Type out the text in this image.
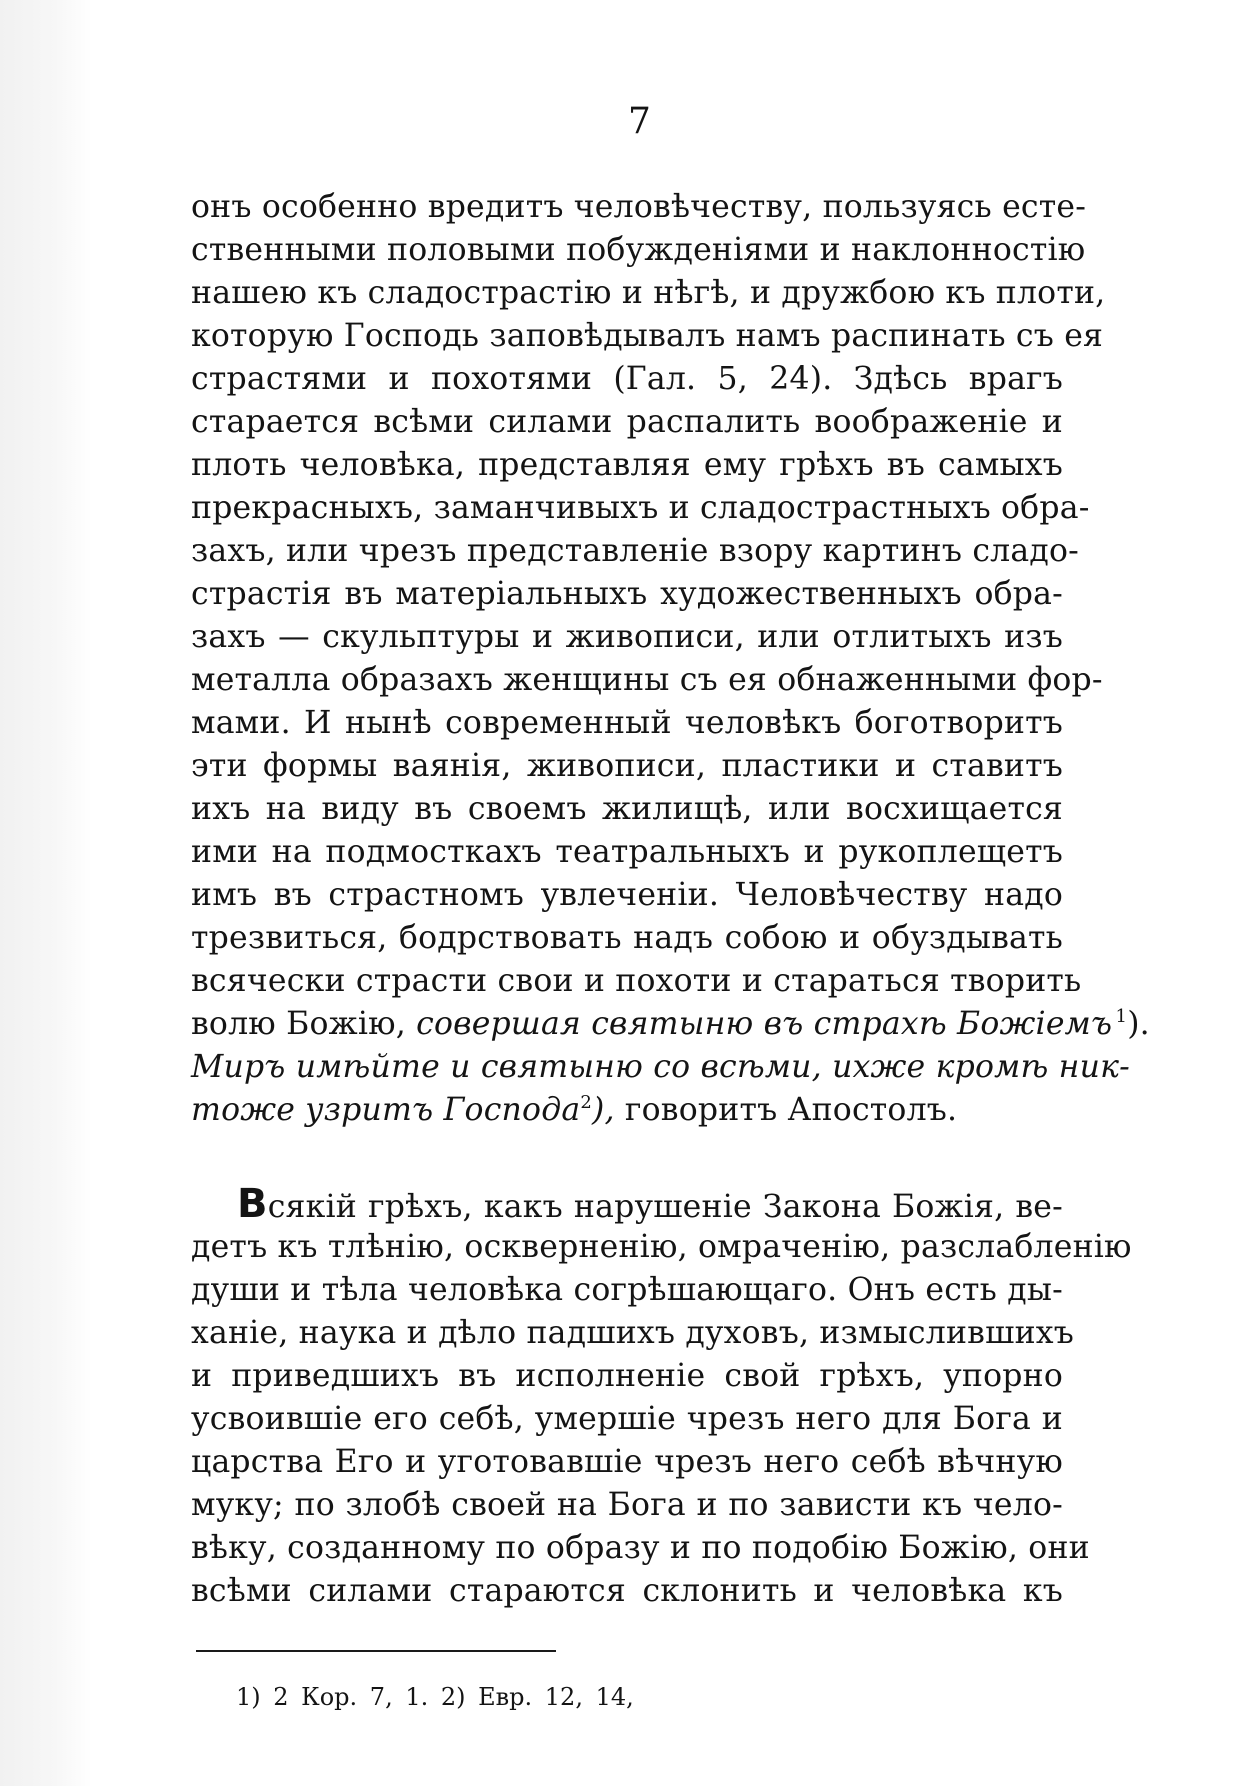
7
онъ особенно вредитъ человѣчеству, пользуясь есте-
ственными половыми побужденіями и наклонностію
нашею къ сладострастію и нѣгѣ, и дружбою къ плоти,
которую Господь заповѣдывалъ намъ распинать съ ея
страстями и похотями (Гал. 5, 24). Здѣсь врагъ
старается всѣми силами распалить воображеніе и
плоть человѣка, представляя ему грѣхъ въ самыхъ
прекрасныхъ, заманчивыхъ и сладострастныхъ обра-
захъ, или чрезъ представленіе взору картинъ сладо-
страстія въ матеріальныхъ художественныхъ обра-
захъ — скульптуры и живописи, или отлитыхъ изъ
металла образахъ женщины съ ея обнаженными фор-
мами. И нынѣ современный человѣкъ боготворитъ
эти формы ваянія, живописи, пластики и ставитъ
ихъ на виду въ своемъ жилищѣ, или восхищается
ими на подмосткахъ театральныхъ и рукоплещетъ
имъ въ страстномъ увлеченіи. Человѣчеству надо
трезвиться, бодрствовать надъ собою и обуздывать
всячески страсти свои и похоти и стараться творить
волю Божію, совершая святыню въ страхѣ Божіемъ  $^1$).
Миръ имѣйте и святыню со всѣми, ихже кромѣ ник-
тоже узритъ Господа$^2$), говоритъ Апостолъ.
Всякій грѣхъ, какъ нарушеніе Закона Божія, ве-
детъ къ тлѣнію, оскверненію, омраченію, разслабленію
души и тѣла человѣка согрѣшающаго. Онъ есть ды-
ханіе, наука и дѣло падшихъ духовъ, измыслившихъ
и приведшихъ въ исполненіе свой грѣхъ, упорно
усвоившіе его себѣ, умершіе чрезъ него для Бога и
царства Его и уготовавшіе чрезъ него себѣ вѣчную
муку; по злобѣ своей на Бога и по зависти къ чело-
вѣку, созданному по образу и по подобію Божію, они
всѣми силами стараются склонить и человѣка къ
1) 2 Кор. 7, 1. 2) Евр. 12, 14,
